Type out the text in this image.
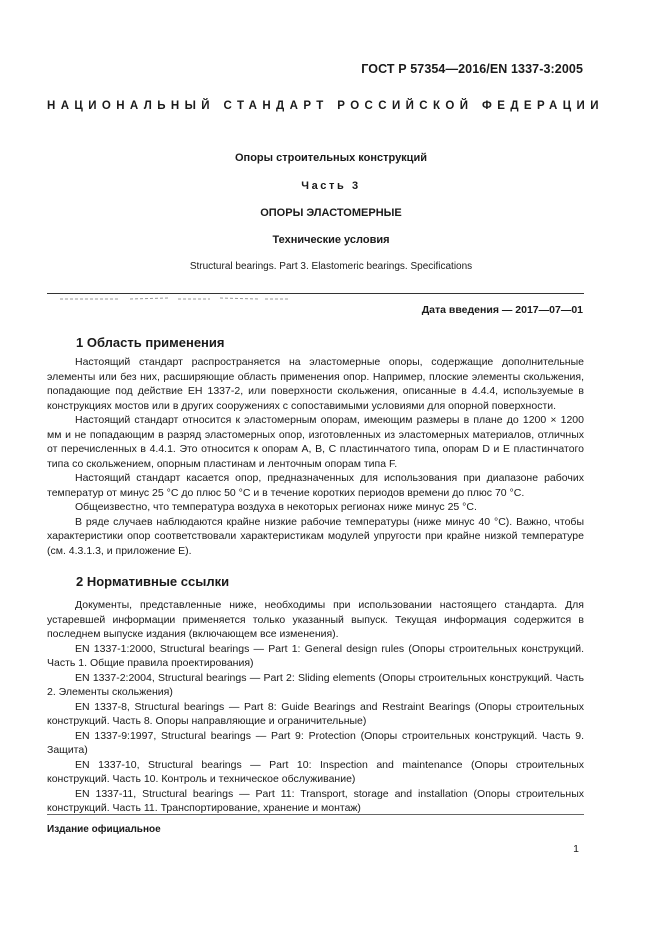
ГОСТ Р 57354—2016/EN 1337-3:2005
НАЦИОНАЛЬНЫЙ СТАНДАРТ РОССИЙСКОЙ ФЕДЕРАЦИИ
Опоры строительных конструкций
Часть 3
ОПОРЫ ЭЛАСТОМЕРНЫЕ
Технические условия
Structural bearings. Part 3. Elastomeric bearings. Specifications
Дата введения — 2017—07—01
1 Область применения

Настоящий стандарт распространяется на эластомерные опоры, содержащие дополнительные элементы или без них, расширяющие область применения опор. Например, плоские элементы скольжения, попадающие под действие ЕН 1337-2, или поверхности скольжения, описанные в 4.4.4, используемые в конструкциях мостов или в других сооружениях с сопоставимыми условиями для опорной поверхности.

Настоящий стандарт относится к эластомерным опорам, имеющим размеры в плане до 1200 × 1200 мм и не попадающим в разряд эластомерных опор, изготовленных из эластомерных материалов, отличных от перечисленных в 4.4.1. Это относится к опорам А, В, С пластинчатого типа, опорам D и E пластинчатого типа со скольжением, опорным пластинам и ленточным опорам типа F.

Настоящий стандарт касается опор, предназначенных для использования при диапазоне рабочих температур от минус 25 °С до плюс 50 °С и в течение коротких периодов времени до плюс 70 °С.

Общеизвестно, что температура воздуха в некоторых регионах ниже минус 25 °С.

В ряде случаев наблюдаются крайне низкие рабочие температуры (ниже минус 40 °С). Важно, чтобы характеристики опор соответствовали характеристикам модулей упругости при крайне низкой температуре (см. 4.3.1.3, и приложение Е).

2 Нормативные ссылки

Документы, представленные ниже, необходимы при использовании настоящего стандарта. Для устаревшей информации применяется только указанный выпуск. Текущая информация содержится в последнем выпуске издания (включающем все изменения).

EN 1337-1:2000, Structural bearings — Part 1: General design rules (Опоры строительных конструкций. Часть 1. Общие правила проектирования)

EN 1337-2:2004, Structural bearings — Part 2: Sliding elements (Опоры строительных конструкций. Часть 2. Элементы скольжения)

EN 1337-8, Structural bearings — Part 8: Guide Bearings and Restraint Bearings (Опоры строительных конструкций. Часть 8. Опоры направляющие и ограничительные)

EN 1337-9:1997, Structural bearings — Part 9: Protection (Опоры строительных конструкций. Часть 9. Защита)

EN 1337-10, Structural bearings — Part 10: Inspection and maintenance (Опоры строительных конструкций. Часть 10. Контроль и техническое обслуживание)

EN 1337-11, Structural bearings — Part 11: Transport, storage and installation (Опоры строительных конструкций. Часть 11. Транспортирование, хранение и монтаж)

Издание официальное
1
